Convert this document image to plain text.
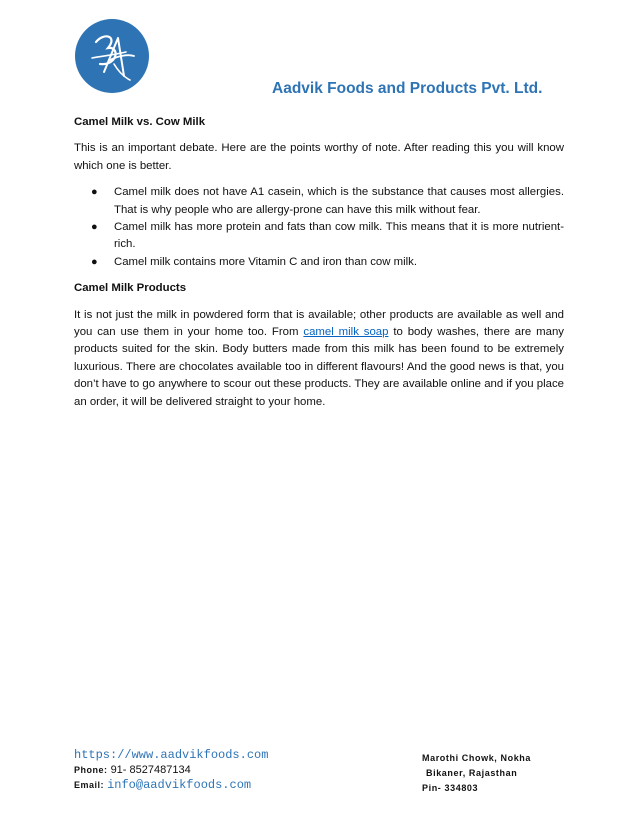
Aadvik Foods and Products Pvt. Ltd.

Camel Milk vs. Cow Milk

This is an important debate. Here are the points worthy of note. After reading this you will know which one is better.

● Camel milk does not have A1 casein, which is the substance that causes most allergies. That is why people who are allergy-prone can have this milk without fear.
● Camel milk has more protein and fats than cow milk. This means that it is more nutrient-rich.
● Camel milk contains more Vitamin C and iron than cow milk.

Camel Milk Products

It is not just the milk in powdered form that is available; other products are available as well and you can use them in your home too. From camel milk soap to body washes, there are many products suited for the skin. Body butters made from this milk has been found to be extremely luxurious. There are chocolates available too in different flavours! And the good news is that, you don’t have to go anywhere to scour out these products. They are available online and if you place an order, it will be delivered straight to your home.

https://www.aadvikfoods.com
Phone: 91- 8527487134
Email: info@aadvikfoods.com
Marothi Chowk, Nokha
Bikaner, Rajasthan
Pin- 334803
